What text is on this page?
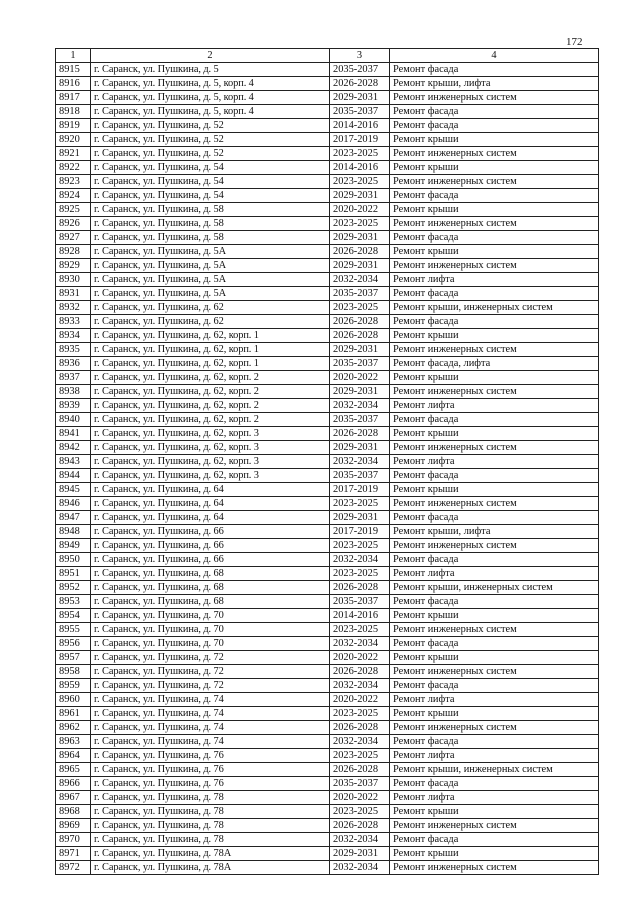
172
1	2	3	4
8915	г. Саранск, ул. Пушкина, д. 5	2035-2037	Ремонт фасада
8916	г. Саранск, ул. Пушкина, д. 5, корп. 4	2026-2028	Ремонт крыши, лифта
8917	г. Саранск, ул. Пушкина, д. 5, корп. 4	2029-2031	Ремонт инженерных систем
8918	г. Саранск, ул. Пушкина, д. 5, корп. 4	2035-2037	Ремонт фасада
8919	г. Саранск, ул. Пушкина, д. 52	2014-2016	Ремонт фасада
8920	г. Саранск, ул. Пушкина, д. 52	2017-2019	Ремонт крыши
8921	г. Саранск, ул. Пушкина, д. 52	2023-2025	Ремонт инженерных систем
8922	г. Саранск, ул. Пушкина, д. 54	2014-2016	Ремонт крыши
8923	г. Саранск, ул. Пушкина, д. 54	2023-2025	Ремонт инженерных систем
8924	г. Саранск, ул. Пушкина, д. 54	2029-2031	Ремонт фасада
8925	г. Саранск, ул. Пушкина, д. 58	2020-2022	Ремонт крыши
8926	г. Саранск, ул. Пушкина, д. 58	2023-2025	Ремонт инженерных систем
8927	г. Саранск, ул. Пушкина, д. 58	2029-2031	Ремонт фасада
8928	г. Саранск, ул. Пушкина, д. 5А	2026-2028	Ремонт крыши
8929	г. Саранск, ул. Пушкина, д. 5А	2029-2031	Ремонт инженерных систем
8930	г. Саранск, ул. Пушкина, д. 5А	2032-2034	Ремонт лифта
8931	г. Саранск, ул. Пушкина, д. 5А	2035-2037	Ремонт фасада
8932	г. Саранск, ул. Пушкина, д. 62	2023-2025	Ремонт крыши, инженерных систем
8933	г. Саранск, ул. Пушкина, д. 62	2026-2028	Ремонт фасада
8934	г. Саранск, ул. Пушкина, д. 62, корп. 1	2026-2028	Ремонт крыши
8935	г. Саранск, ул. Пушкина, д. 62, корп. 1	2029-2031	Ремонт инженерных систем
8936	г. Саранск, ул. Пушкина, д. 62, корп. 1	2035-2037	Ремонт фасада, лифта
8937	г. Саранск, ул. Пушкина, д. 62, корп. 2	2020-2022	Ремонт крыши
8938	г. Саранск, ул. Пушкина, д. 62, корп. 2	2029-2031	Ремонт инженерных систем
8939	г. Саранск, ул. Пушкина, д. 62, корп. 2	2032-2034	Ремонт лифта
8940	г. Саранск, ул. Пушкина, д. 62, корп. 2	2035-2037	Ремонт фасада
8941	г. Саранск, ул. Пушкина, д. 62, корп. 3	2026-2028	Ремонт крыши
8942	г. Саранск, ул. Пушкина, д. 62, корп. 3	2029-2031	Ремонт инженерных систем
8943	г. Саранск, ул. Пушкина, д. 62, корп. 3	2032-2034	Ремонт лифта
8944	г. Саранск, ул. Пушкина, д. 62, корп. 3	2035-2037	Ремонт фасада
8945	г. Саранск, ул. Пушкина, д. 64	2017-2019	Ремонт крыши
8946	г. Саранск, ул. Пушкина, д. 64	2023-2025	Ремонт инженерных систем
8947	г. Саранск, ул. Пушкина, д. 64	2029-2031	Ремонт фасада
8948	г. Саранск, ул. Пушкина, д. 66	2017-2019	Ремонт крыши, лифта
8949	г. Саранск, ул. Пушкина, д. 66	2023-2025	Ремонт инженерных систем
8950	г. Саранск, ул. Пушкина, д. 66	2032-2034	Ремонт фасада
8951	г. Саранск, ул. Пушкина, д. 68	2023-2025	Ремонт лифта
8952	г. Саранск, ул. Пушкина, д. 68	2026-2028	Ремонт крыши, инженерных систем
8953	г. Саранск, ул. Пушкина, д. 68	2035-2037	Ремонт фасада
8954	г. Саранск, ул. Пушкина, д. 70	2014-2016	Ремонт крыши
8955	г. Саранск, ул. Пушкина, д. 70	2023-2025	Ремонт инженерных систем
8956	г. Саранск, ул. Пушкина, д. 70	2032-2034	Ремонт фасада
8957	г. Саранск, ул. Пушкина, д. 72	2020-2022	Ремонт крыши
8958	г. Саранск, ул. Пушкина, д. 72	2026-2028	Ремонт инженерных систем
8959	г. Саранск, ул. Пушкина, д. 72	2032-2034	Ремонт фасада
8960	г. Саранск, ул. Пушкина, д. 74	2020-2022	Ремонт лифта
8961	г. Саранск, ул. Пушкина, д. 74	2023-2025	Ремонт крыши
8962	г. Саранск, ул. Пушкина, д. 74	2026-2028	Ремонт инженерных систем
8963	г. Саранск, ул. Пушкина, д. 74	2032-2034	Ремонт фасада
8964	г. Саранск, ул. Пушкина, д. 76	2023-2025	Ремонт лифта
8965	г. Саранск, ул. Пушкина, д. 76	2026-2028	Ремонт крыши, инженерных систем
8966	г. Саранск, ул. Пушкина, д. 76	2035-2037	Ремонт фасада
8967	г. Саранск, ул. Пушкина, д. 78	2020-2022	Ремонт лифта
8968	г. Саранск, ул. Пушкина, д. 78	2023-2025	Ремонт крыши
8969	г. Саранск, ул. Пушкина, д. 78	2026-2028	Ремонт инженерных систем
8970	г. Саранск, ул. Пушкина, д. 78	2032-2034	Ремонт фасада
8971	г. Саранск, ул. Пушкина, д. 78А	2029-2031	Ремонт крыши
8972	г. Саранск, ул. Пушкина, д. 78А	2032-2034	Ремонт инженерных систем
